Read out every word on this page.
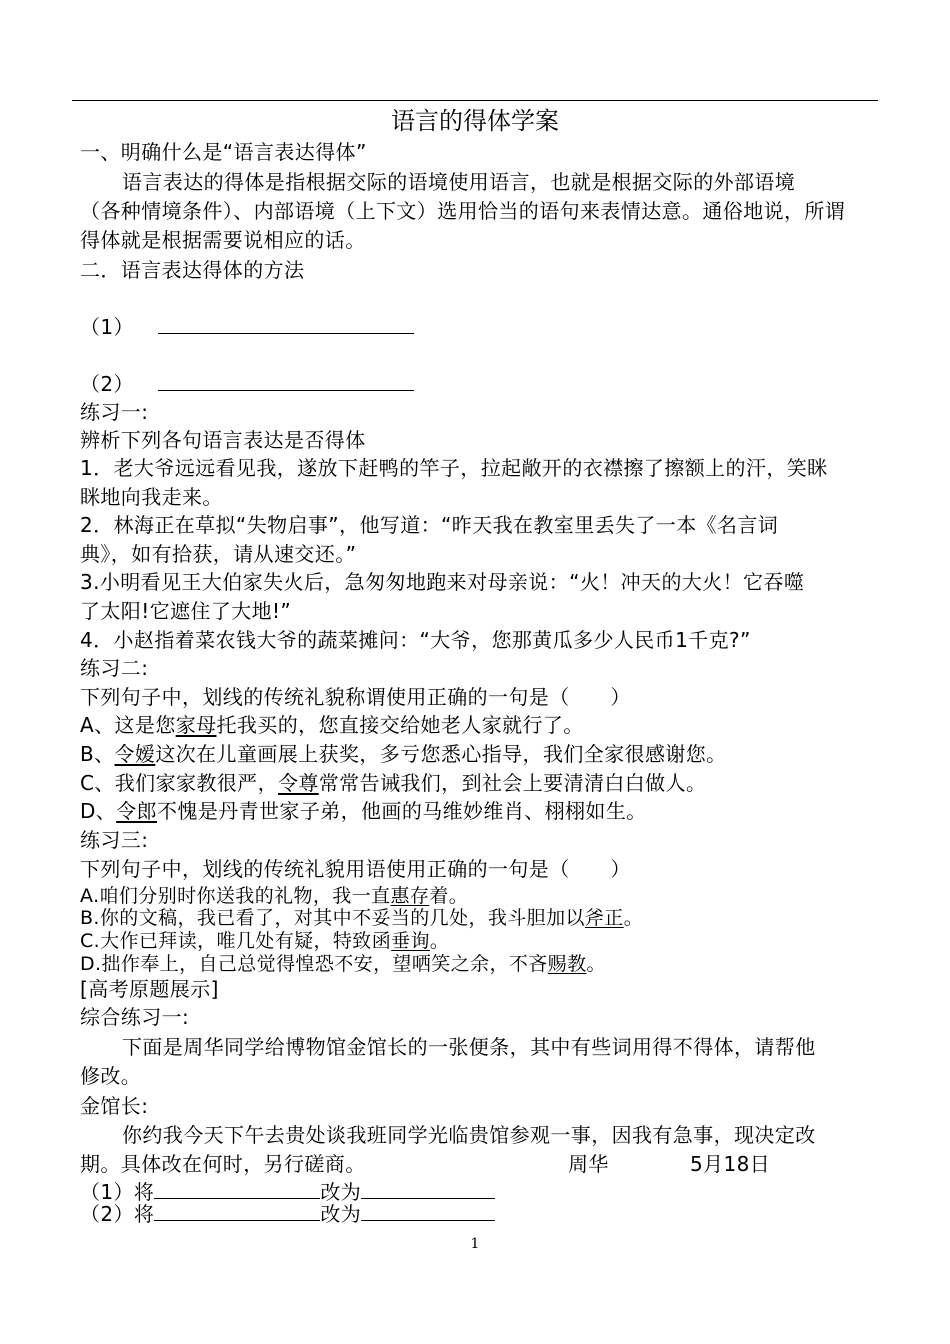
语言的得体学案
一、明确什么是“语言表达得体”
语言表达的得体是指根据交际的语境使用语言，也就是根据交际的外部语境
（各种情境条件）、内部语境（上下文）选用恰当的语句来表情达意。通俗地说，所谓
得体就是根据需要说相应的话。
二．语言表达得体的方法
（1）
（2）
练习一:
辨析下列各句语言表达是否得体
1．老大爷远远看见我，遂放下赶鸭的竿子，拉起敞开的衣襟擦了擦额上的汗，笑眯
眯地向我走来。
2．林海正在草拟“失物启事”，他写道：“昨天我在教室里丢失了一本《名言词
典》，如有拾获，请从速交还。”
3.小明看见王大伯家失火后，急匆匆地跑来对母亲说：“火！冲天的大火！它吞噬
了太阳!它遮住了大地!”
4．小赵指着菜农钱大爷的蔬菜摊问：“大爷，您那黄瓜多少人民币1千克?”
练习二:
下列句子中，划线的传统礼貌称谓使用正确的一句是（　　）
A、这是您家母托我买的，您直接交给她老人家就行了。
B、令嫒这次在儿童画展上获奖，多亏您悉心指导，我们全家很感谢您。
C、我们家家教很严，令尊常常告诫我们，到社会上要清清白白做人。
D、令郎不愧是丹青世家子弟，他画的马维妙维肖、栩栩如生。
练习三:
下列句子中，划线的传统礼貌用语使用正确的一句是（　　）
A.咱们分别时你送我的礼物，我一直惠存着。
B.你的文稿，我已看了，对其中不妥当的几处，我斗胆加以斧正。
C.大作已拜读，唯几处有疑，特致函垂询。
D.拙作奉上，自己总觉得惶恐不安，望哂笑之余，不吝赐教。
[高考原题展示]
综合练习一:
下面是周华同学给博物馆金馆长的一张便条，其中有些词用得不得体，请帮他
修改。
金馆长:
你约我今天下午去贵处谈我班同学光临贵馆参观一事，因我有急事，现决定改
期。具体改在何时，另行磋商。	周华	5月18日
（1）将	改为
（2）将	改为
1
